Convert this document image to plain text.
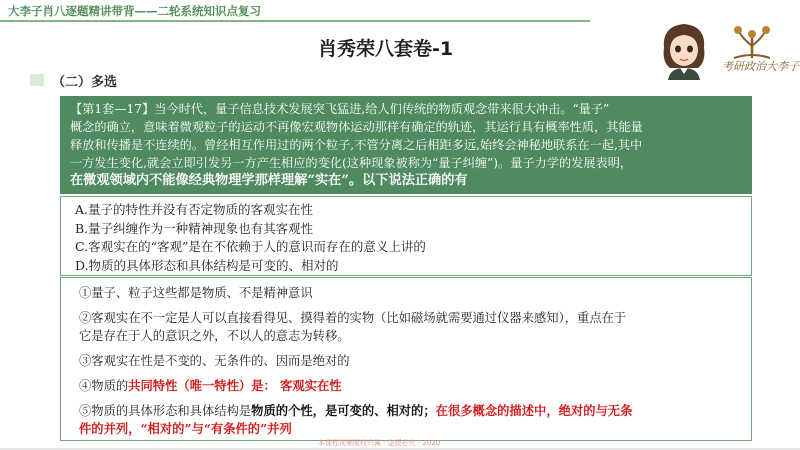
大李子肖八逐题精讲带背——二轮系统知识点复习
肖秀荣八套卷-1
考研政治大李子
（二）多选
【第1套—17】当今时代，量子信息技术发展突飞猛进,给人们传统的物质观念带来很大冲击。“量子”
概念的确立，意味着微观粒子的运动不再像宏观物体运动那样有确定的轨迹，其运行具有概率性质，其能量
释放和传播是不连续的。曾经相互作用过的两个粒子,不管分离之后相距多远,始终会神秘地联系在一起,其中
一方发生变化,就会立即引发另一方产生相应的变化(这种现象被称为“量子纠缠”)。量子力学的发展表明，
在微观领域内不能像经典物理学那样理解“实在”。以下说法正确的有
A.量子的特性并没有否定物质的客观实在性
B.量子纠缠作为一种精神现象也有其客观性
C.客观实在的“客观”是在不依赖于人的意识而存在的意义上讲的
D.物质的具体形态和具体结构是可变的、相对的
①量子、粒子这些都是物质、不是精神意识
②客观实在不一定是人可以直接看得见、摸得着的实物（比如磁场就需要通过仪器来感知），重点在于
它是存在于人的意识之外，不以人的意志为转移。
③客观实在性是不变的、无条件的、因而是绝对的
④物质的共同特性（唯一特性）是： 客观实在性
⑤物质的具体形态和具体结构是物质的个性，是可变的、相对的；在很多概念的描述中，绝对的与无条
件的并列，“相对的”与“有条件的”并列
本课程视频版权归属 · 盗版必究 · 2020
